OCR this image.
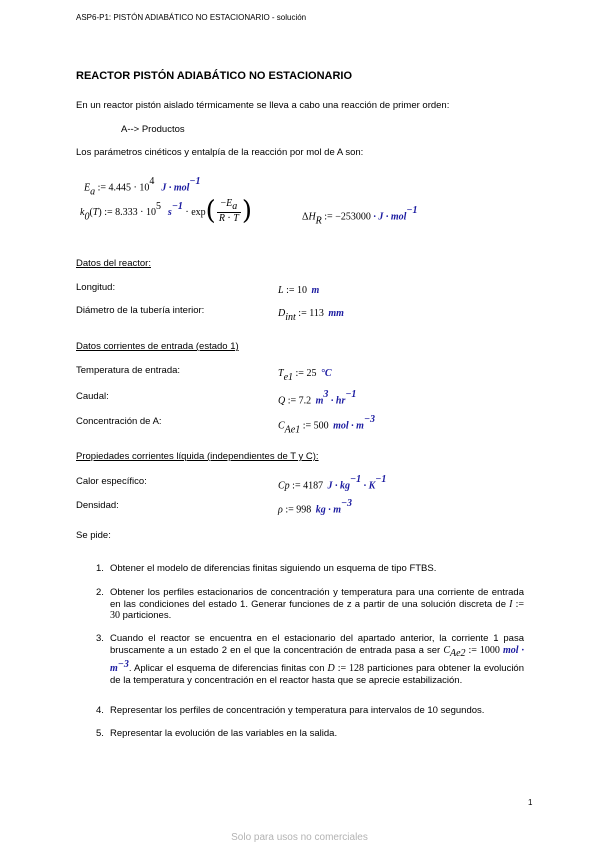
ASP6-P1: PISTÓN ADIABÁTICO NO ESTACIONARIO - solución
REACTOR PISTÓN ADIABÁTICO NO ESTACIONARIO
En un reactor pistón aislado térmicamente se lleva a cabo una reacción de primer orden:
A--> Productos
Los parámetros cinéticos y entalpía de la reacción por mol de A son:
$E_a$ := $4.445 \cdot 10^4$  J · mol$^{-1}$
$k_0(T)$ := $8.333 \cdot 10^5$  $s^{-1} \cdot \exp( \frac{-E_a}{R \cdot T}$ )	$\Delta H_R$ := −253000 · J · mol$^{-1}$
Datos del reactor:
Longitud:	L := 10 m
Diámetro de la tubería interior:	$D_{int}$ := 113 mm
Datos corrientes de entrada (estado 1)
Temperatura de entrada:	$T_{e1}$ := 25 °C
Caudal:	Q := 7.2 $m^3 \cdot hr^{-1}$
Concentración de A:	$C_{Ae1}$ := 500 mol · $m^{-3}$
Propiedades corrientes líquida (independientes de T y C):
Calor específico:	Cp := 4187 $J \cdot kg^{-1} \cdot K^{-1}$
Densidad:	ρ := 998 kg · $m^{-3}$
Se pide:
1. Obtener el modelo de diferencias finitas siguiendo un esquema de tipo FTBS.
2. Obtener los perfiles estacionarios de concentración y temperatura para una corriente de entrada en las condiciones del estado 1. Generar funciones de z a partir de una solución discreta de I := 30 particiones.
3. Cuando el reactor se encuentra en el estacionario del apartado anterior, la corriente 1 pasa bruscamente a un estado 2 en el que la concentración de entrada pasa a ser $C_{Ae2}$ := 1000 mol · $m^{-3}$. Aplicar el esquema de diferencias finitas con D := 128 particiones para obtener la evolución de la temperatura y concentración en el reactor hasta que se aprecie estabilización.
4. Representar los perfiles de concentración y temperatura para intervalos de 10 segundos.
5. Representar la evolución de las variables en la salida.
1
Solo para usos no comerciales
